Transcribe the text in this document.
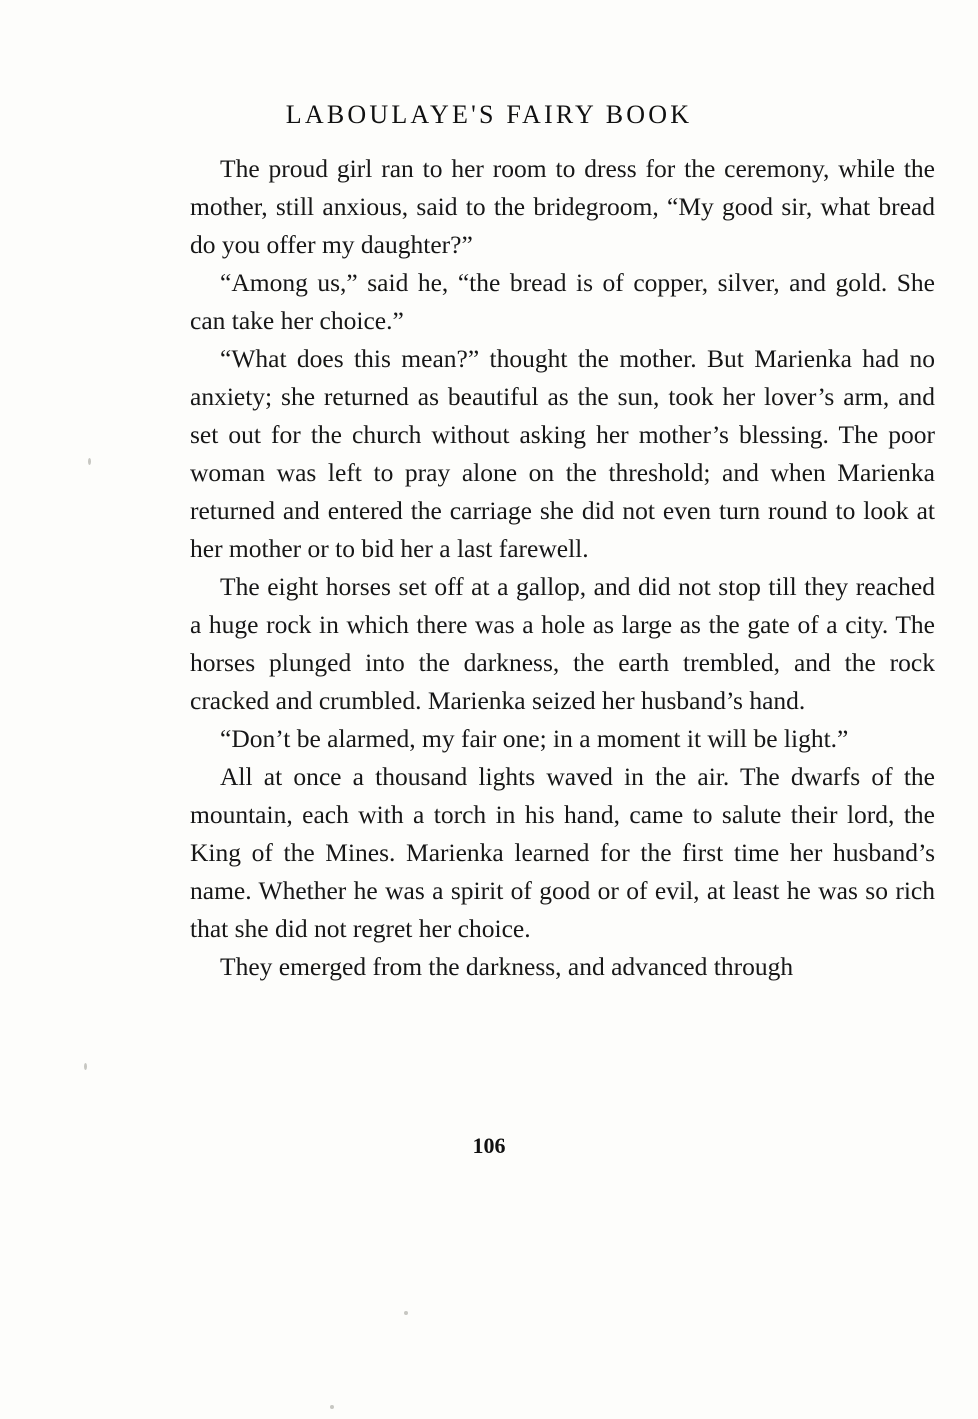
LABOULAYE'S FAIRY BOOK

The proud girl ran to her room to dress for the ceremony, while the mother, still anxious, said to the bridegroom, “My good sir, what bread do you offer my daughter?”

“Among us,” said he, “the bread is of copper, silver, and gold. She can take her choice.”

“What does this mean?” thought the mother. But Marienka had no anxiety; she returned as beautiful as the sun, took her lover’s arm, and set out for the church without asking her mother’s blessing. The poor woman was left to pray alone on the threshold; and when Marienka returned and entered the carriage she did not even turn round to look at her mother or to bid her a last farewell.

The eight horses set off at a gallop, and did not stop till they reached a huge rock in which there was a hole as large as the gate of a city. The horses plunged into the darkness, the earth trembled, and the rock cracked and crumbled. Marienka seized her husband’s hand.

“Don’t be alarmed, my fair one; in a moment it will be light.”

All at once a thousand lights waved in the air. The dwarfs of the mountain, each with a torch in his hand, came to salute their lord, the King of the Mines. Marienka learned for the first time her husband’s name. Whether he was a spirit of good or of evil, at least he was so rich that she did not regret her choice.

They emerged from the darkness, and advanced through

106
